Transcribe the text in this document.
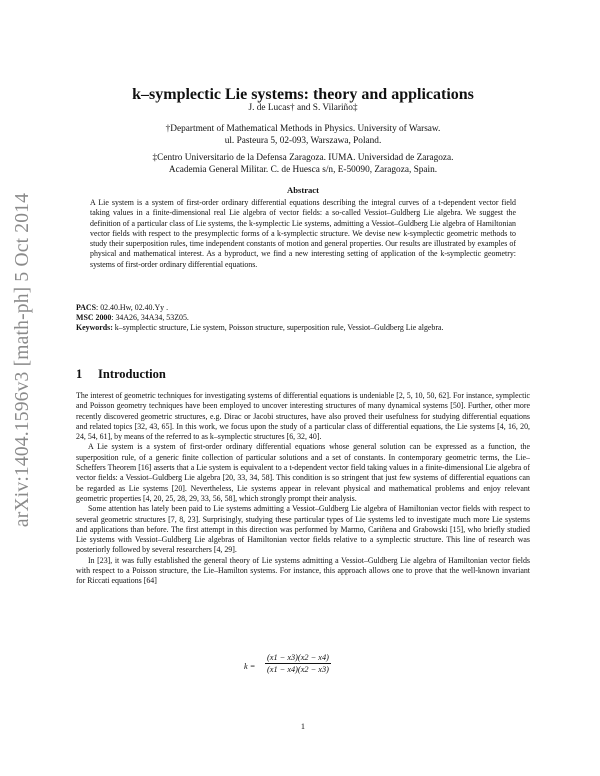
arXiv:1404.1596v3 [math-ph] 5 Oct 2014
k–symplectic Lie systems: theory and applications
J. de Lucas† and S. Vilariño‡
†Department of Mathematical Methods in Physics. University of Warsaw.
ul. Pasteura 5, 02-093, Warszawa, Poland.
‡Centro Universitario de la Defensa Zaragoza. IUMA. Universidad de Zaragoza.
Academia General Militar. C. de Huesca s/n, E-50090, Zaragoza, Spain.
Abstract
A Lie system is a system of first-order ordinary differential equations describing the integral curves of a t-dependent vector field taking values in a finite-dimensional real Lie algebra of vector fields: a so-called Vessiot–Guldberg Lie algebra. We suggest the definition of a particular class of Lie systems, the k-symplectic Lie systems, admitting a Vessiot–Guldberg Lie algebra of Hamiltonian vector fields with respect to the presymplectic forms of a k-symplectic structure. We devise new k-symplectic geometric methods to study their superposition rules, time independent constants of motion and general properties. Our results are illustrated by examples of physical and mathematical interest. As a byproduct, we find a new interesting setting of application of the k-symplectic geometry: systems of first-order ordinary differential equations.
PACS: 02.40.Hw, 02.40.Yy .
MSC 2000: 34A26, 34A34, 53Z05.
Keywords: k–symplectic structure, Lie system, Poisson structure, superposition rule, Vessiot–Guldberg Lie algebra.
1 Introduction

The interest of geometric techniques for investigating systems of differential equations is undeniable [2, 5, 10, 50, 62]. For instance, symplectic and Poisson geometry techniques have been employed to uncover interesting structures of many dynamical systems [50]. Further, other more recently discovered geometric structures, e.g. Dirac or Jacobi structures, have also proved their usefulness for studying differential equations and related topics [32, 43, 65]. In this work, we focus upon the study of a particular class of differential equations, the Lie systems [4, 16, 20, 24, 54, 61], by means of the referred to as k–symplectic structures [6, 32, 40].

A Lie system is a system of first-order ordinary differential equations whose general solution can be expressed as a function, the superposition rule, of a generic finite collection of particular solutions and a set of constants. In contemporary geometric terms, the Lie–Scheffers Theorem [16] asserts that a Lie system is equivalent to a t-dependent vector field taking values in a finite-dimensional Lie algebra of vector fields: a Vessiot–Guldberg Lie algebra [20, 33, 34, 58]. This condition is so stringent that just few systems of differential equations can be regarded as Lie systems [20]. Nevertheless, Lie systems appear in relevant physical and mathematical problems and enjoy relevant geometric properties [4, 20, 25, 28, 29, 33, 56, 58], which strongly prompt their analysis.

Some attention has lately been paid to Lie systems admitting a Vessiot–Guldberg Lie algebra of Hamiltonian vector fields with respect to several geometric structures [7, 8, 23]. Surprisingly, studying these particular types of Lie systems led to investigate much more Lie systems and applications than before. The first attempt in this direction was performed by Marmo, Cariñena and Grabowski [15], who briefly studied Lie systems with Vessiot–Guldberg Lie algebras of Hamiltonian vector fields relative to a symplectic structure. This line of research was posteriorly followed by several researchers [4, 29].

In [23], it was fully established the general theory of Lie systems admitting a Vessiot–Guldberg Lie algebra of Hamiltonian vector fields with respect to a Poisson structure, the Lie–Hamilton systems. For instance, this approach allows one to prove that the well-known invariant for Riccati equations [64]

k =
(x1 − x3)(x2 − x4)
(x1 − x4)(x2 − x3)
1
